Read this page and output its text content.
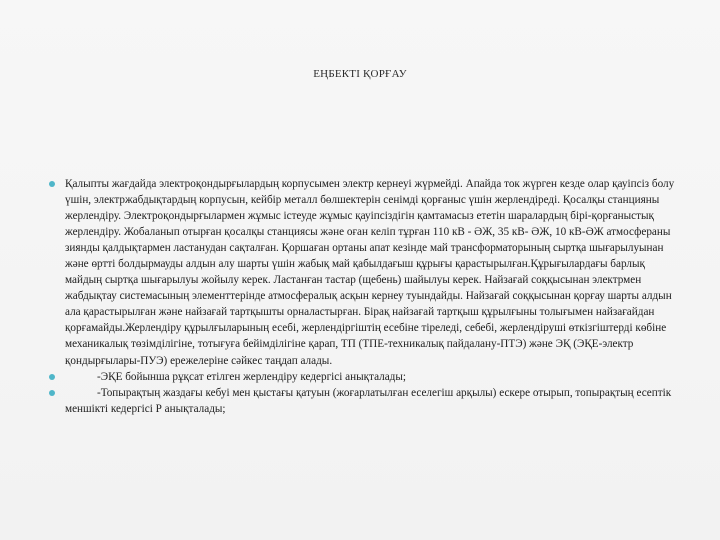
ЕҢБЕКТІ ҚОРҒАУ
Қалыпты жағдайда электроқондырғылардың корпусымен электр кернеуі жүрмейді. Апайда ток жүрген кезде олар қауіпсіз болу үшін, электржабдықтардың корпусын, кейбір металл бөлшектерін сенімді қорғаныс үшін жерлендіреді. Қосалқы станцияны жерлендіру. Электроқондырғылармен жұмыс істеуде жұмыс қауіпсіздігін қамтамасыз ететін шаралардың бірі-қорғаныстық жерлендіру. Жобаланып отырған қосалқы станциясы және оған келіп тұрған 110 кВ - ӘЖ, 35 кВ- ӘЖ, 10 кВ-ӘЖ атмосфераны зиянды қалдықтармен ластанудан сақталған. Қоршаған ортаны апат кезінде май трансформаторының сыртқа шығарылуынан және өртті болдырмауды алдын алу шарты үшін жабық май қабылдағыш құрығы қарастырылған.Құрығылардағы барлық майдың сыртқа шығарылуы жойылу керек. Ластанған тастар (щебень) шайылуы керек. Найзағай соққысынан электрмен жабдықтау системасының элементтерінде атмосфералық асқын кернеу туындайды. Найзағай соққысынан қорғау шарты алдын ала қарастырылған және найзағай тартқышты орналастырған. Бірақ найзағай тартқыш құрылғыны толығымен найзағайдан қорғамайды.Жерлендіру құрылғыларының есебі, жерлендіргіштің есебіне тіреледі, себебі, жерлендіруші өткізгіштерді көбіне механикалық төзімділігіне, тотығуға бейімділігіне қарап, ТП (ТПЕ-техникалық пайдалану-ПТЭ) және ЭҚ (ЭҚЕ-электр қондырғылары-ПУЭ) ережелеріне сәйкес таңдап алады.
-ЭҚЕ бойынша рұқсат етілген жерлендіру кедергісі анықталады;
-Топырақтың жаздағы кебуі мен қыстағы қатуын (жоғарлатылған еселегіш арқылы) ескере отырып, топырақтың есептік меншікті кедергісі Р анықталады;
